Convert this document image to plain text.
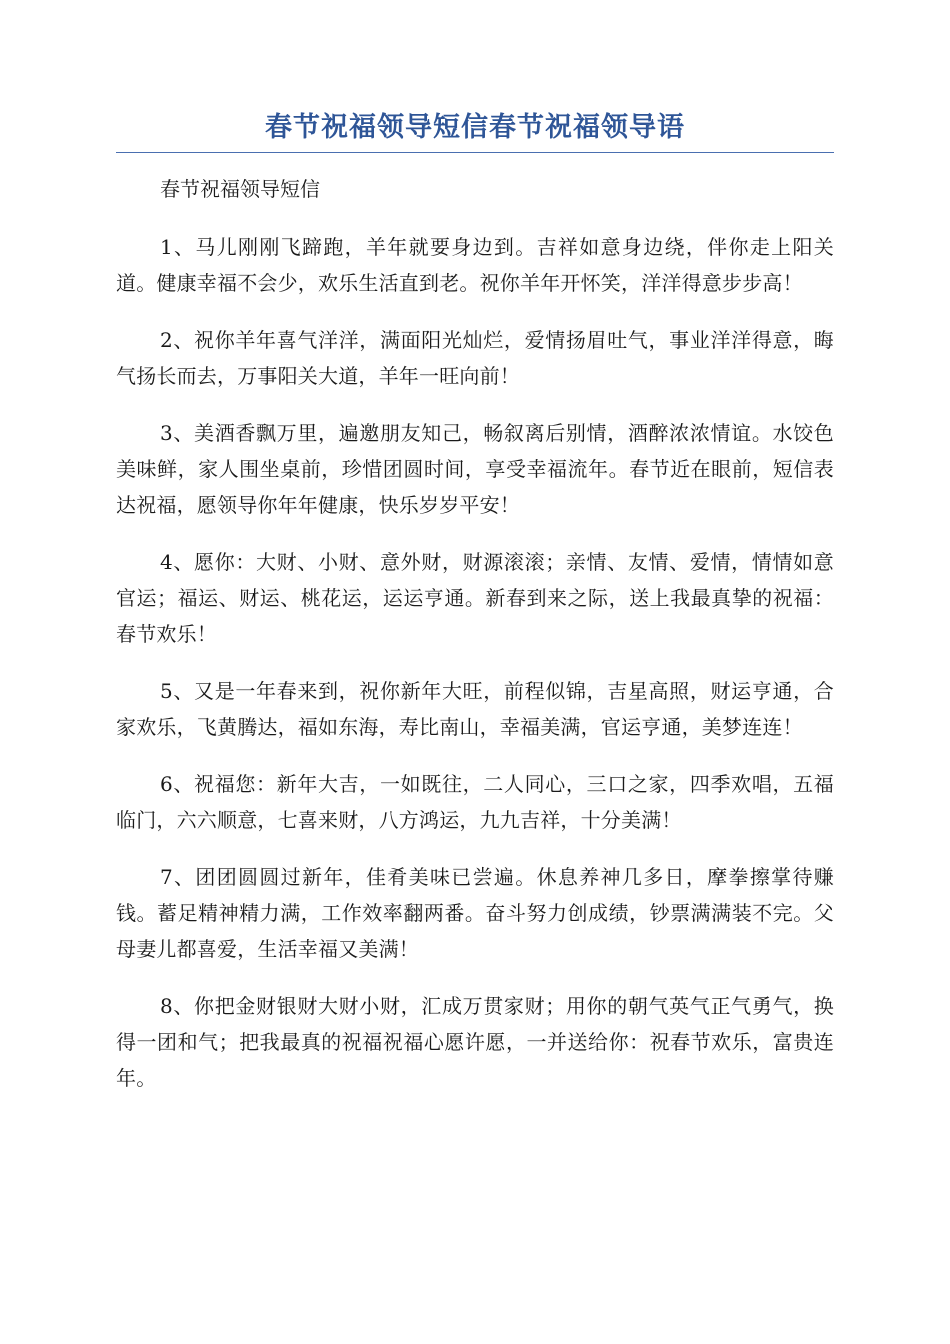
春节祝福领导短信春节祝福领导语

春节祝福领导短信

1、马儿刚刚飞蹄跑，羊年就要身边到。吉祥如意身边绕，伴你走上阳关道。健康幸福不会少，欢乐生活直到老。祝你羊年开怀笑，洋洋得意步步高！

2、祝你羊年喜气洋洋，满面阳光灿烂，爱情扬眉吐气，事业洋洋得意，晦气扬长而去，万事阳关大道，羊年一旺向前！

3、美酒香飘万里，遍邀朋友知己，畅叙离后别情，酒醉浓浓情谊。水饺色美味鲜，家人围坐桌前，珍惜团圆时间，享受幸福流年。春节近在眼前，短信表达祝福，愿领导你年年健康，快乐岁岁平安！

4、愿你：大财、小财、意外财，财源滚滚；亲情、友情、爱情，情情如意官运；福运、财运、桃花运，运运亨通。新春到来之际，送上我最真挚的祝福：春节欢乐！

5、又是一年春来到，祝你新年大旺，前程似锦，吉星高照，财运亨通，合家欢乐，飞黄腾达，福如东海，寿比南山，幸福美满，官运亨通，美梦连连！

6、祝福您：新年大吉，一如既往，二人同心，三口之家，四季欢唱，五福临门，六六顺意，七喜来财，八方鸿运，九九吉祥，十分美满！

7、团团圆圆过新年，佳肴美味已尝遍。休息养神几多日，摩拳擦掌待赚钱。蓄足精神精力满，工作效率翻两番。奋斗努力创成绩，钞票满满装不完。父母妻儿都喜爱，生活幸福又美满！

8、你把金财银财大财小财，汇成万贯家财；用你的朝气英气正气勇气，换得一团和气；把我最真的祝福祝福心愿许愿，一并送给你：祝春节欢乐，富贵连年。
